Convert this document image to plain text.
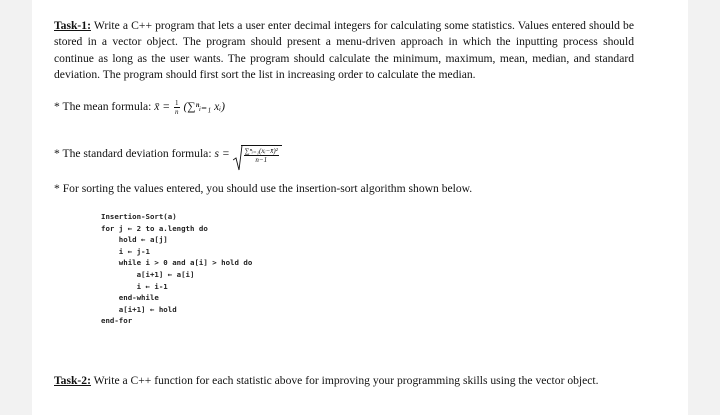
Task-1: Write a C++ program that lets a user enter decimal integers for calculating some statistics. Values entered should be stored in a vector object. The program should present a menu-driven approach in which the inputting process should continue as long as the user wants. The program should calculate the minimum, maximum, mean, median, and standard deviation. The program should first sort the list in increasing order to calculate the median.
* The mean formula: x̄ = $\frac{1}{n}$ (∑ⁿᵢ₌₁ xᵢ)
* The standard deviation formula: $s = \frac{\text{∑ⁿᵢ₌₁(xᵢ−x̄)²}}{n-1}$
* For sorting the values entered, you should use the insertion-sort algorithm shown below.
Insertion-Sort(a)
for j ← 2 to a.length do
hold ← a[j]
i ← j-1
while i > 0 and a[i] > hold do
a[i+1] ← a[i]
i ← i-1
end-while
a[i+1] ← hold
end-for
Task-2: Write a C++ function for each statistic above for improving your programming skills using the vector object.
